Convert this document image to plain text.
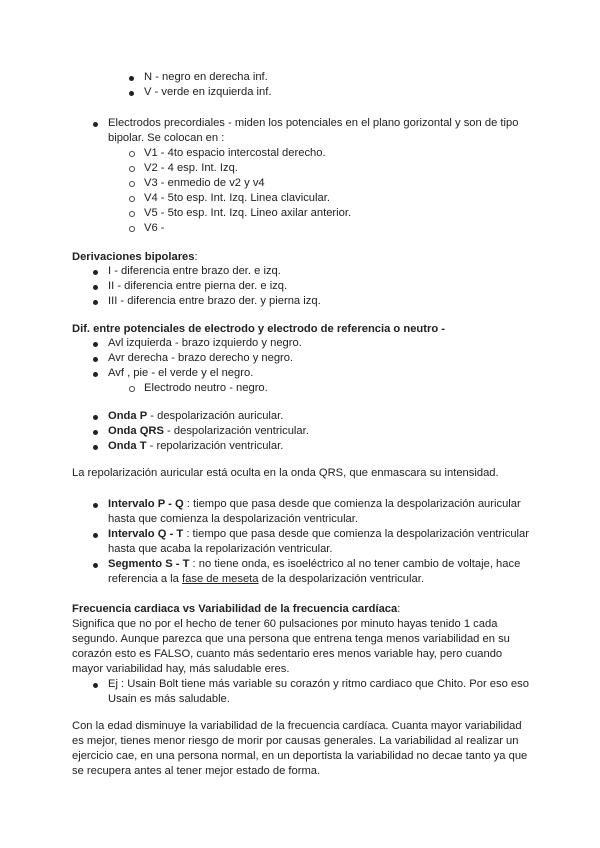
N - negro en derecha inf.
V - verde en izquierda inf.
Electrodos precordiales - miden los potenciales en el plano gorizontal y son de tipo
bipolar. Se colocan en :
V1 - 4to espacio intercostal derecho.
V2 - 4 esp. Int. Izq.
V3 - enmedio de v2 y v4
V4 - 5to esp. Int. Izq. Linea clavicular.
V5 - 5to esp. Int. Izq. Lineo axilar anterior.
V6 -
Derivaciones bipolares:
I - diferencia entre brazo der. e izq.
II - diferencia entre pierna der. e izq.
III - diferencia entre brazo der. y pierna izq.
Dif. entre potenciales de electrodo y electrodo de referencia o neutro -
Avl izquierda - brazo izquierdo y negro.
Avr derecha - brazo derecho y negro.
Avf , pie - el verde y el negro.
Electrodo neutro - negro.
Onda P - despolarización auricular.
Onda QRS - despolarización ventricular.
Onda T - repolarización ventricular.
La repolarización auricular está oculta en la onda QRS, que enmascara su intensidad.
Intervalo P - Q : tiempo que pasa desde que comienza la despolarización auricular
hasta que comienza la despolarización ventricular.
Intervalo Q - T : tiempo que pasa desde que comienza la despolarización ventricular
hasta que acaba la repolarización ventricular.
Segmento S - T : no tiene onda, es isoeléctrico al no tener cambio de voltaje, hace
referencia a la fase de meseta de la despolarización ventricular.
Frecuencia cardiaca vs Variabilidad de la frecuencia cardíaca:
Significa que no por el hecho de tener 60 pulsaciones por minuto hayas tenido 1 cada
segundo. Aunque parezca que una persona que entrena tenga menos variabilidad en su
corazón esto es FALSO, cuanto más sedentario eres menos variable hay, pero cuando
mayor variabilidad hay, más saludable eres.
Ej : Usain Bolt tiene más variable su corazón y ritmo cardiaco que Chito. Por eso eso
Usain es más saludable.
Con la edad disminuye la variabilidad de la frecuencia cardíaca. Cuanta mayor variabilidad
es mejor, tienes menor riesgo de morir por causas generales. La variabilidad al realizar un
ejercicio cae, en una persona normal, en un deportista la variabilidad no decae tanto ya que
se recupera antes al tener mejor estado de forma.
